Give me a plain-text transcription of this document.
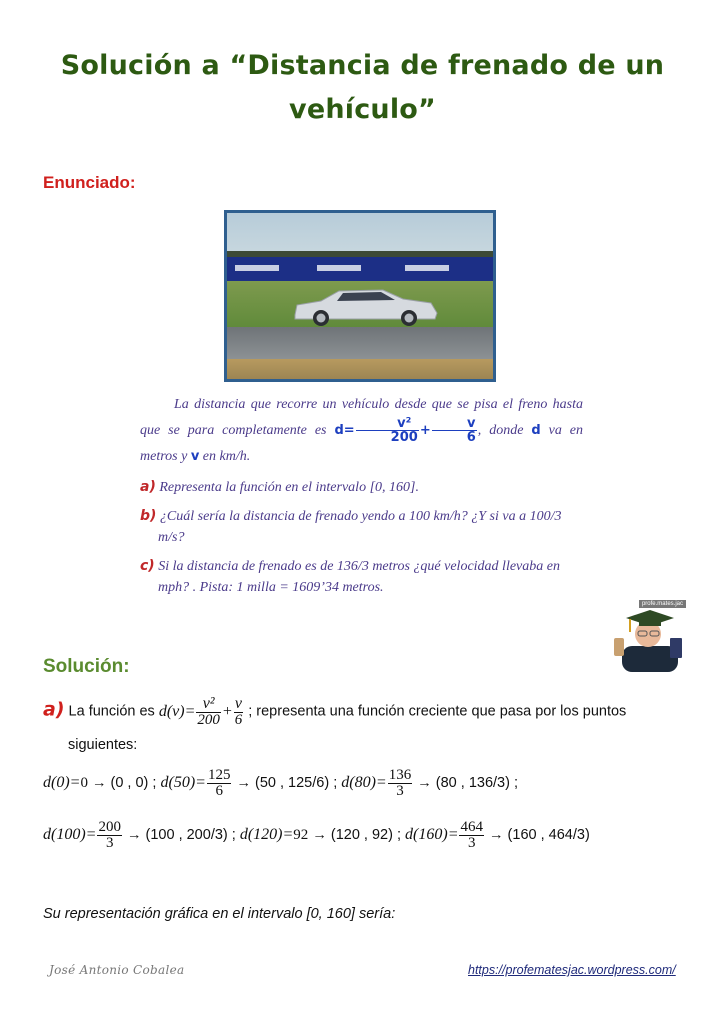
Solución a “Distancia de frenado de un vehículo”
Enunciado:

La distancia que recorre un vehículo desde que se pisa el freno hasta que se para completamente es $d= \frac{\text{v²}}{200} + \frac{v}{6}$ , donde d va en metros y v en km/h.

a) Representa la función en el intervalo [0, 160].

b) ¿Cuál sería la distancia de frenado yendo a 100 km/h? ¿Y si va a 100/3 m/s?

c) Si la distancia de frenado es de 136/3 metros ¿qué velocidad llevaba en mph? . Pista: 1 milla = 1609’34 metros.

profe.mates.jac
Solución:
a) La función es $d(v)= \frac{\text{v²}}{200} + \frac{v}{6}$ ; representa una función creciente que pasa por los puntos
siguientes:
d(0)=0 → (0 , 0) ; $d(50)= \frac{125}{6} \to (50$ , 125/6) ; $d(80)= \frac{136}{3} \to (80$ , 136/3) ;
$d(100)= \frac{200}{3} \to (100$ , 200/3) ; d(120)=92 → (120 , 92) ; $d(160)= \frac{464}{3} \to (160$ , 464/3)
Su representación gráfica en el intervalo [0, 160] sería:
José Antonio Cobalea	https://profematesjac.wordpress.com/
